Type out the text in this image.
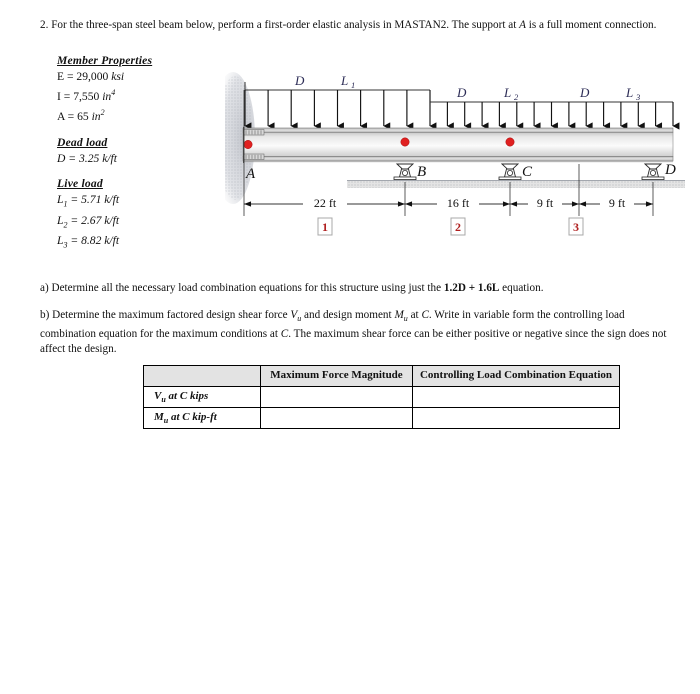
2. For the three-span steel beam below, perform a first-order elastic analysis in MASTAN2. The support at A is a full moment connection.
Member Properties
E = 29,000 ksi
I = 7,550 $in^4$
A = 65 $in^2$
Dead load
D = 3.25 k/ft
Live load
$L_1 = 5.71$ k/ft
$L_2 = 2.67$ k/ft
$L_3 = 8.82$ k/ft
D	L 1	D	L 2	D	L 3
A	B	C	D
22 ft	16 ft	9 ft	9 ft
1	2	3
a) Determine all the necessary load combination equations for this structure using just the 1.2D + 1.6L equation.
b) Determine the maximum factored design shear force $V_u$ and design moment $M_u$ at C. Write in variable form the controlling load combination equation for the maximum conditions at C. The maximum shear force can be either positive or negative since the sign does not affect the design.
	Maximum Force Magnitude	Controlling Load Combination Equation
$V_u$ at C kips		
$M_u$ at C kip-ft		
